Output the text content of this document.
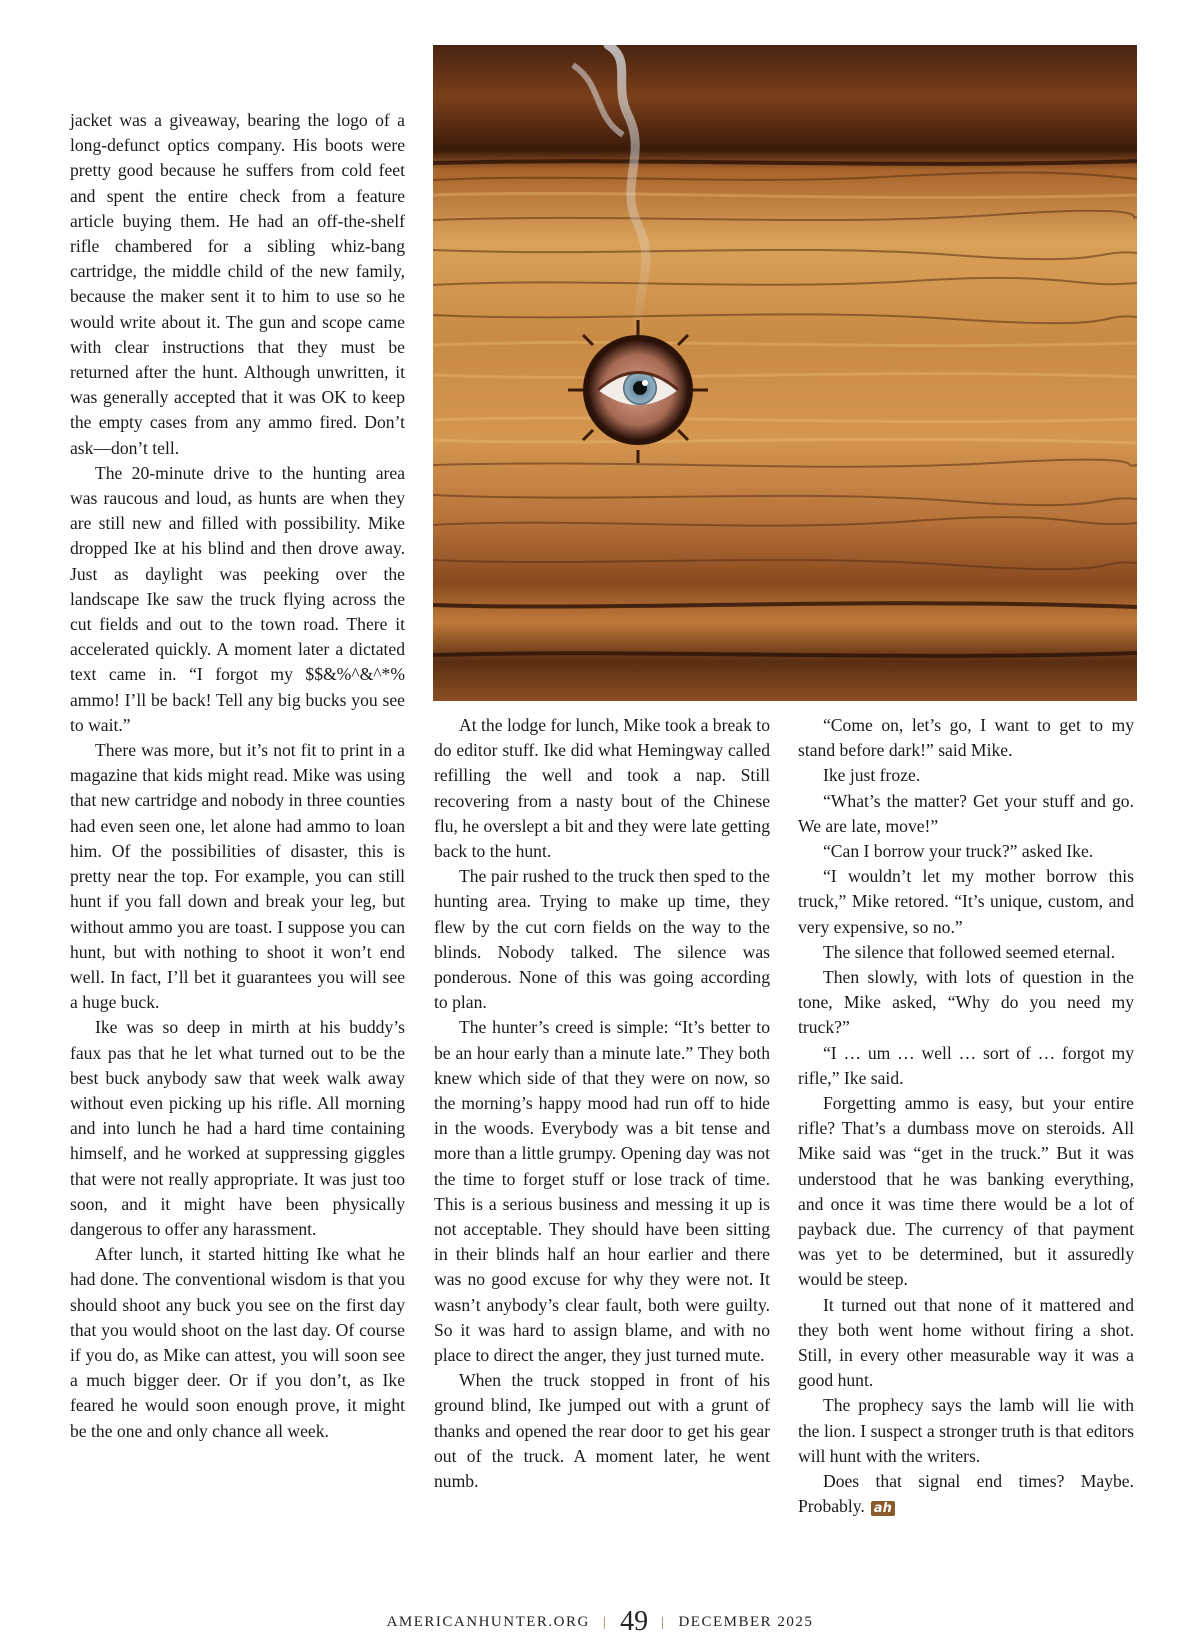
jacket was a giveaway, bearing the logo of a long-defunct optics company. His boots were pretty good because he suffers from cold feet and spent the entire check from a feature article buying them. He had an off-the-shelf rifle chambered for a sibling whiz-bang cartridge, the middle child of the new family, because the maker sent it to him to use so he would write about it. The gun and scope came with clear instructions that they must be returned after the hunt. Although unwritten, it was generally accepted that it was OK to keep the empty cases from any ammo fired. Don’t ask—don’t tell.

The 20-minute drive to the hunting area was raucous and loud, as hunts are when they are still new and filled with possibility. Mike dropped Ike at his blind and then drove away. Just as daylight was peeking over the landscape Ike saw the truck flying across the cut fields and out to the town road. There it accelerated quickly. A moment later a dictated text came in. “I forgot my $$&%^&^*% ammo! I’ll be back! Tell any big bucks you see to wait.”

There was more, but it’s not fit to print in a magazine that kids might read. Mike was using that new cartridge and nobody in three counties had even seen one, let alone had ammo to loan him. Of the possibilities of disaster, this is pretty near the top. For example, you can still hunt if you fall down and break your leg, but without ammo you are toast. I suppose you can hunt, but with nothing to shoot it won’t end well. In fact, I’ll bet it guarantees you will see a huge buck.

Ike was so deep in mirth at his buddy’s faux pas that he let what turned out to be the best buck anybody saw that week walk away without even picking up his rifle. All morning and into lunch he had a hard time containing himself, and he worked at suppressing giggles that were not really appropriate. It was just too soon, and it might have been physically dangerous to offer any harassment.

After lunch, it started hitting Ike what he had done. The conventional wisdom is that you should shoot any buck you see on the first day that you would shoot on the last day. Of course if you do, as Mike can attest, you will soon see a much bigger deer. Or if you don’t, as Ike feared he would soon enough prove, it might be the one and only chance all week.

At the lodge for lunch, Mike took a break to do editor stuff. Ike did what Hemingway called refilling the well and took a nap. Still recovering from a nasty bout of the Chinese flu, he overslept a bit and they were late getting back to the hunt.

The pair rushed to the truck then sped to the hunting area. Trying to make up time, they flew by the cut corn fields on the way to the blinds. Nobody talked. The silence was ponderous. None of this was going according to plan.

The hunter’s creed is simple: “It’s better to be an hour early than a minute late.” They both knew which side of that they were on now, so the morning’s happy mood had run off to hide in the woods. Everybody was a bit tense and more than a little grumpy. Opening day was not the time to forget stuff or lose track of time. This is a serious business and messing it up is not acceptable. They should have been sitting in their blinds half an hour earlier and there was no good excuse for why they were not. It wasn’t anybody’s clear fault, both were guilty. So it was hard to assign blame, and with no place to direct the anger, they just turned mute.

When the truck stopped in front of his ground blind, Ike jumped out with a grunt of thanks and opened the rear door to get his gear out of the truck. A moment later, he went numb.

“Come on, let’s go, I want to get to my stand before dark!” said Mike.

Ike just froze.

“What’s the matter? Get your stuff and go. We are late, move!”

“Can I borrow your truck?” asked Ike.

“I wouldn’t let my mother borrow this truck,” Mike retored. “It’s unique, custom, and very expensive, so no.”

The silence that followed seemed eternal.

Then slowly, with lots of question in the tone, Mike asked, “Why do you need my truck?”

“I … um … well … sort of … forgot my rifle,” Ike said.

Forgetting ammo is easy, but your entire rifle? That’s a dumbass move on steroids. All Mike said was “get in the truck.” But it was understood that he was banking everything, and once it was time there would be a lot of payback due. The currency of that payment was yet to be determined, but it assuredly would be steep.

It turned out that none of it mattered and they both went home without firing a shot. Still, in every other measurable way it was a good hunt.

The prophecy says the lamb will lie with the lion. I suspect a stronger truth is that editors will hunt with the writers.

Does that signal end times? Maybe. Probably. ah

AMERICANHUNTER.ORG | 49 | DECEMBER 2025
